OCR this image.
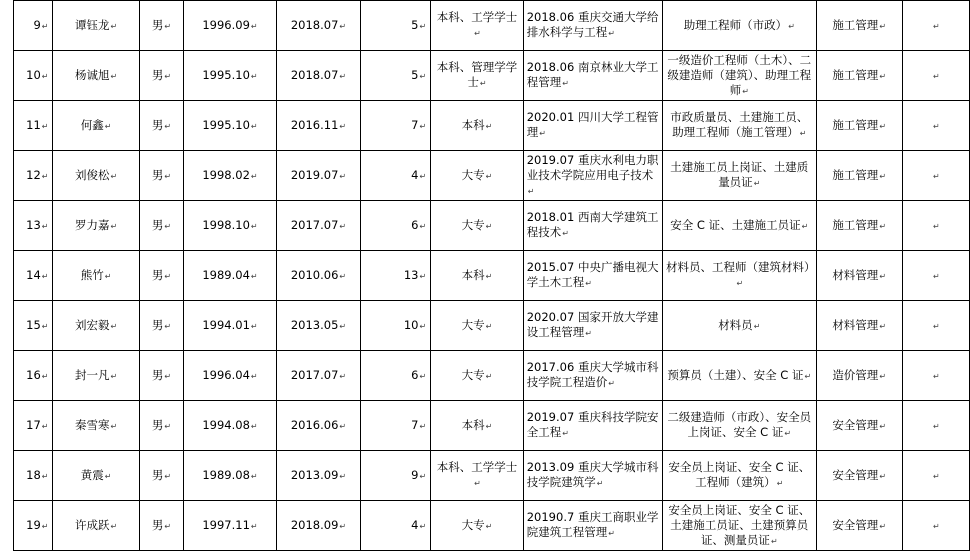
9↵	谭钰龙↵	男↵	1996.09↵	2018.07↵	5↵	本科、工学学士↵	2018.06 重庆交通大学给排水科学与工程↵	助理工程师（市政）↵	施工管理↵	↵
10↵	杨诚旭↵	男↵	1995.10↵	2018.07↵	5↵	本科、管理学学士↵	2018.06 南京林业大学工程管理↵	一级造价工程师（土木）、二级建造师（建筑）、助理工程师↵	施工管理↵	↵
11↵	何鑫↵	男↵	1995.10↵	2016.11↵	7↵	本科↵	2020.01 四川大学工程管理↵	市政质量员、土建施工员、助理工程师（施工管理）↵	施工管理↵	↵
12↵	刘俊松↵	男↵	1998.02↵	2019.07↵	4↵	大专↵	2019.07 重庆水利电力职业技术学院应用电子技术↵	土建施工员上岗证、土建质量员证↵	施工管理↵	↵
13↵	罗力嘉↵	男↵	1998.10↵	2017.07↵	6↵	大专↵	2018.01 西南大学建筑工程技术↵	安全 C 证、土建施工员证↵	施工管理↵	↵
14↵	熊竹↵	男↵	1989.04↵	2010.06↵	13↵	本科↵	2015.07 中央广播电视大学土木工程↵	材料员、工程师（建筑材料）↵	材料管理↵	↵
15↵	刘宏毅↵	男↵	1994.01↵	2013.05↵	10↵	大专↵	2020.07 国家开放大学建设工程管理↵	材料员↵	材料管理↵	↵
16↵	封一凡↵	男↵	1996.04↵	2017.07↵	6↵	大专↵	2017.06 重庆大学城市科技学院工程造价↵	预算员（土建）、安全 C 证↵	造价管理↵	↵
17↵	秦雪寒↵	男↵	1994.08↵	2016.06↵	7↵	本科↵	2019.07 重庆科技学院安全工程↵	二级建造师（市政）、安全员上岗证、安全 C 证↵	安全管理↵	↵
18↵	黄震↵	男↵	1989.08↵	2013.09↵	9↵	本科、工学学士↵	2013.09 重庆大学城市科技学院建筑学↵	安全员上岗证、安全 C 证、工程师（建筑）↵	安全管理↵	↵
19↵	许成跃↵	男↵	1997.11↵	2018.09↵	4↵	大专↵	20190.7 重庆工商职业学院建筑工程管理↵	安全员上岗证、安全 C 证、土建施工员证、土建预算员证、测量员证↵	安全管理↵	↵
